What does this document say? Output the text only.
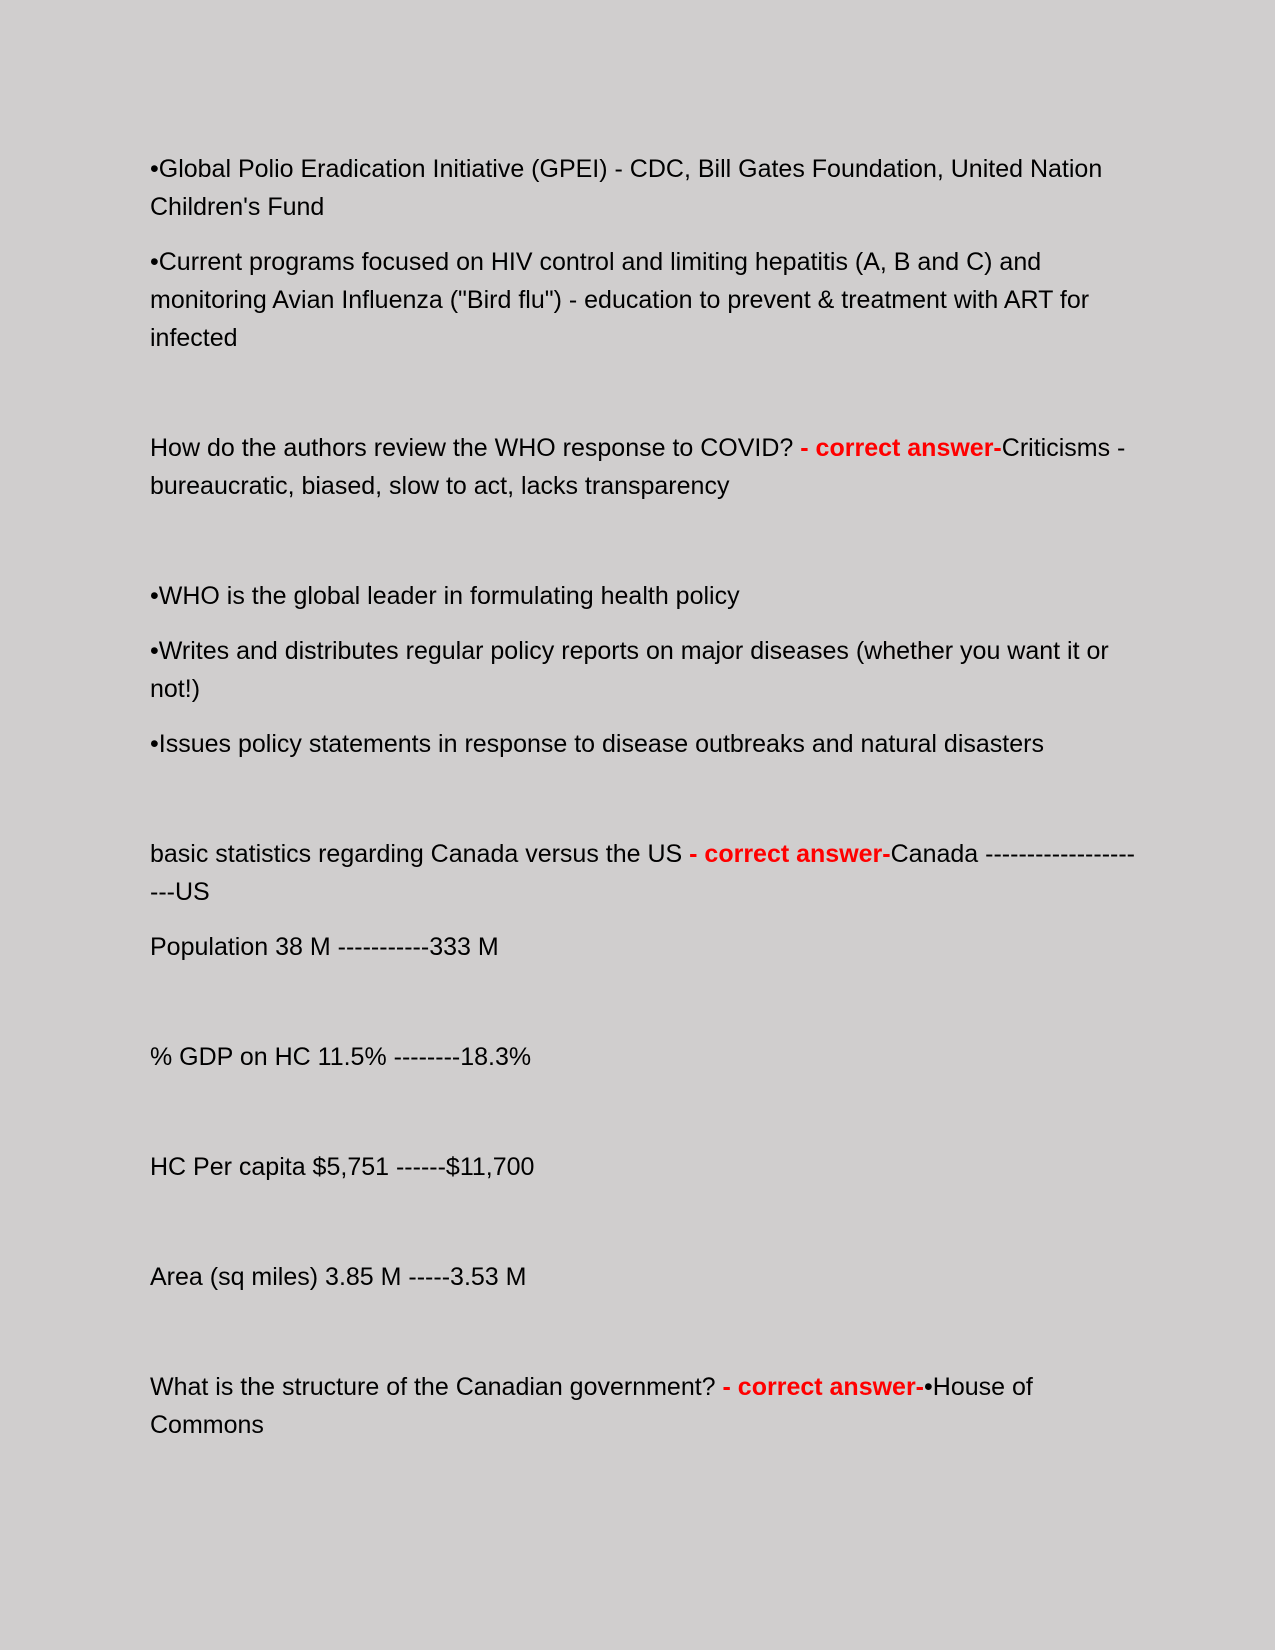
•Global Polio Eradication Initiative (GPEI) - CDC, Bill Gates Foundation, United Nation Children's Fund

•Current programs focused on HIV control and limiting hepatitis (A, B and C) and monitoring Avian Influenza ("Bird flu") - education to prevent & treatment with ART for infected

How do the authors review the WHO response to COVID? - correct answer-Criticisms - bureaucratic, biased, slow to act, lacks transparency

•WHO is the global leader in formulating health policy

•Writes and distributes regular policy reports on major diseases (whether you want it or not!)

•Issues policy statements in response to disease outbreaks and natural disasters

basic statistics regarding Canada versus the US - correct answer-Canada ---------------------US

Population 38 M -----------333 M

% GDP on HC 11.5% --------18.3%

HC Per capita $5,751 ------$11,700

Area (sq miles) 3.85 M -----3.53 M

What is the structure of the Canadian government? - correct answer-•House of Commons
